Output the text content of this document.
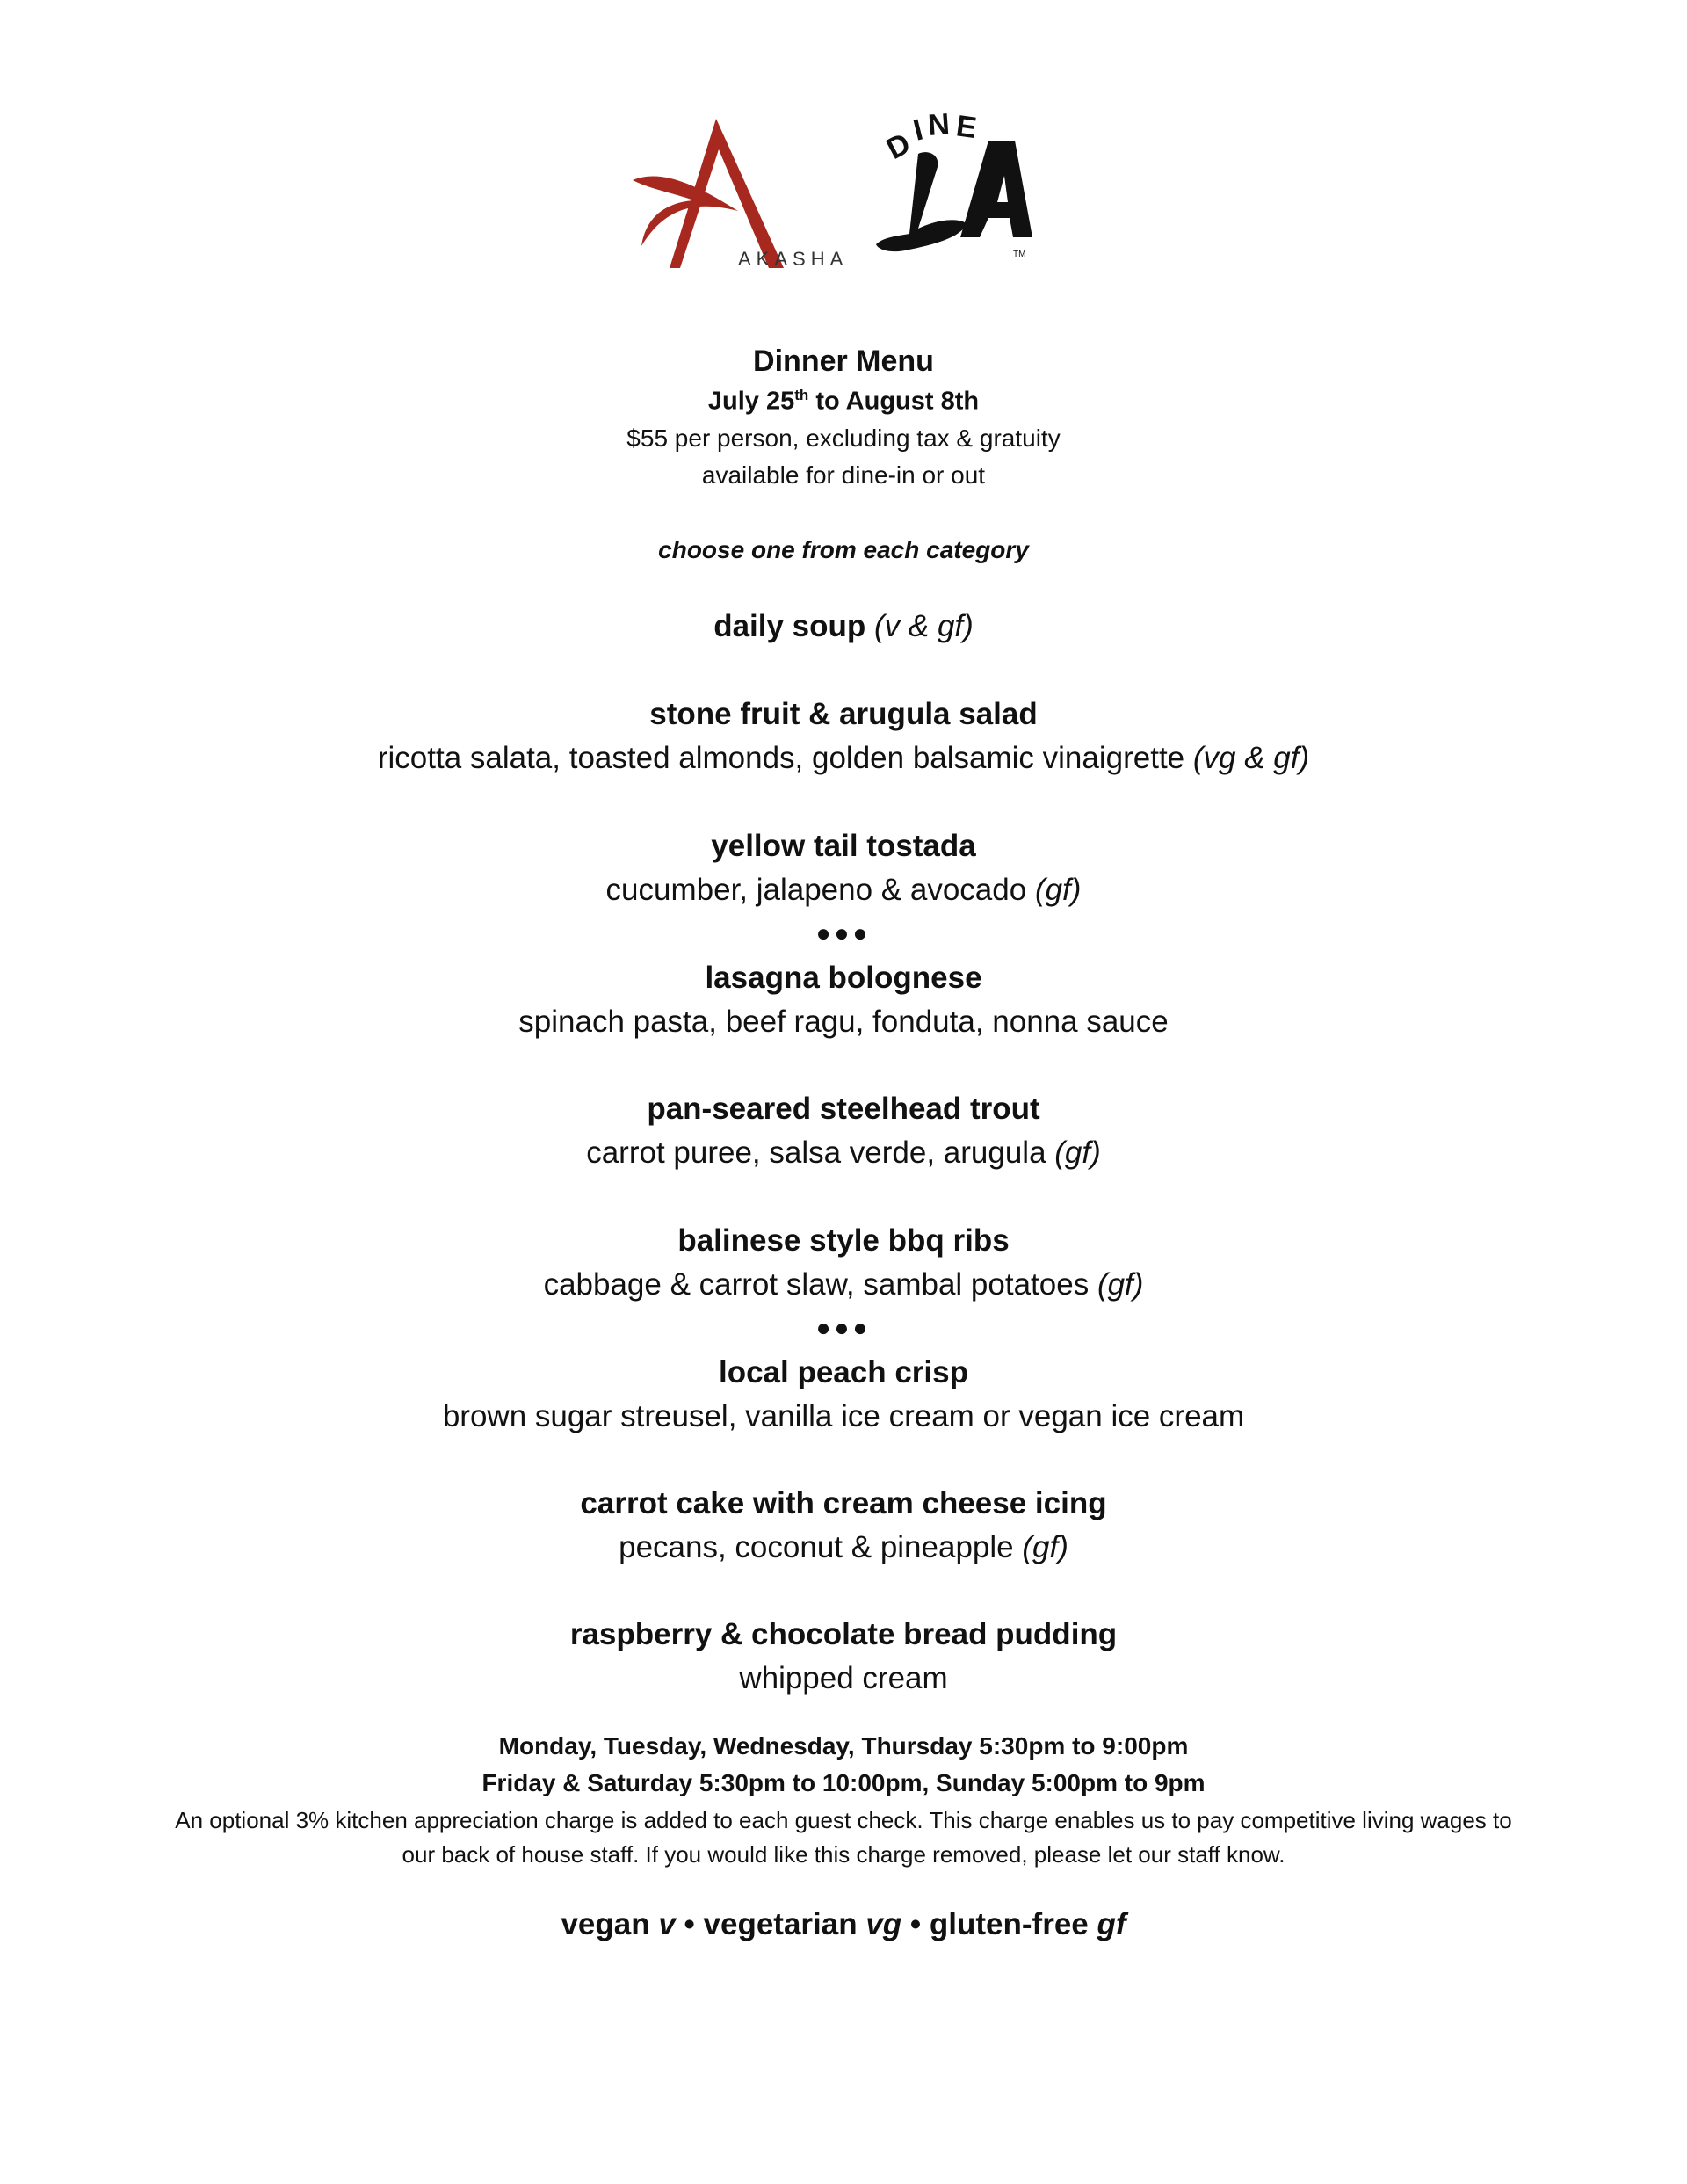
AKASHA
D
I N E
TM
Dinner Menu
July 25th to August 8th
$55 per person, excluding tax & gratuity
available for dine-in or out
choose one from each category
daily soup (v & gf)
stone fruit & arugula salad
ricotta salata, toasted almonds, golden balsamic vinaigrette (vg & gf)
yellow tail tostada
cucumber, jalapeno & avocado (gf)
●●●
lasagna bolognese
spinach pasta, beef ragu, fonduta, nonna sauce
pan-seared steelhead trout
carrot puree, salsa verde, arugula (gf)
balinese style bbq ribs
cabbage & carrot slaw, sambal potatoes (gf)
●●●
local peach crisp
brown sugar streusel, vanilla ice cream or vegan ice cream
carrot cake with cream cheese icing
pecans, coconut & pineapple (gf)
raspberry & chocolate bread pudding
whipped cream
Monday, Tuesday, Wednesday, Thursday 5:30pm to 9:00pm
Friday & Saturday 5:30pm to 10:00pm, Sunday 5:00pm to 9pm
An optional 3% kitchen appreciation charge is added to each guest check. This charge enables us to pay competitive living wages to
our back of house staff. If you would like this charge removed, please let our staff know.
vegan v • vegetarian vg • gluten-free gf
